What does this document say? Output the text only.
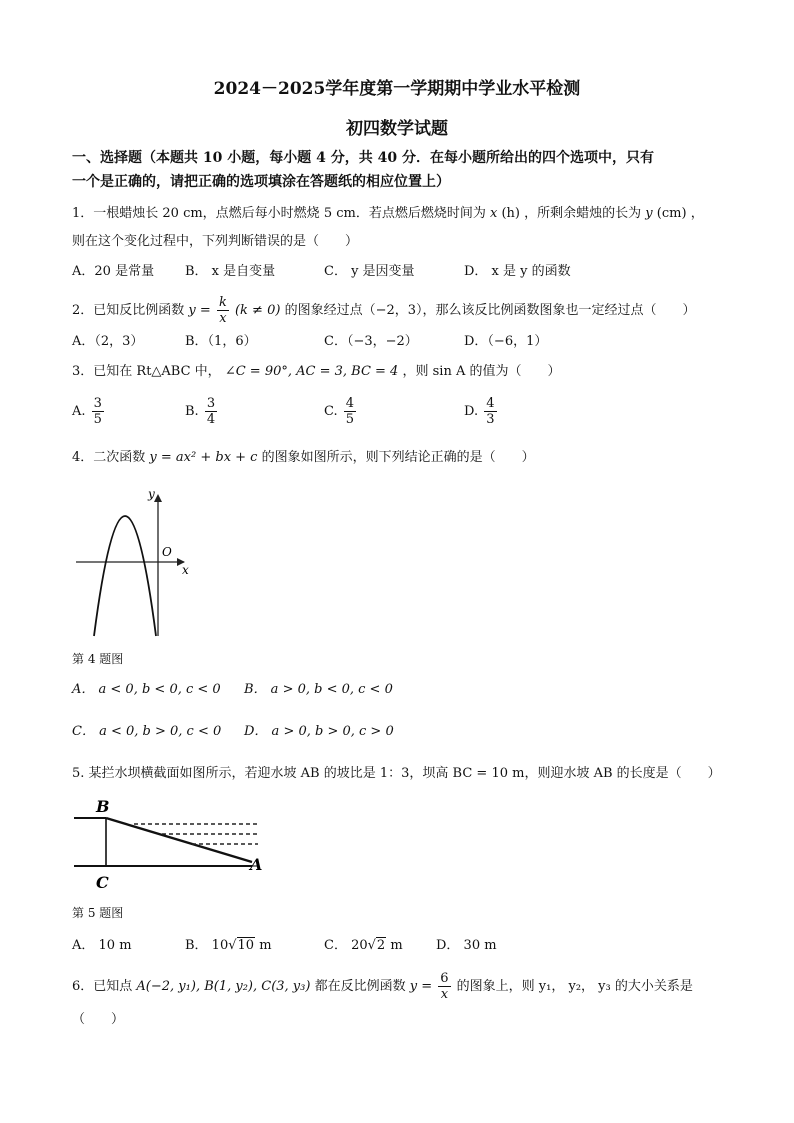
2024－2025学年度第一学期期中学业水平检测
初四数学试题
一、选择题（本题共 10 小题，每小题 4 分，共 40 分．在每小题所给出的四个选项中，只有
一个是正确的，请把正确的选项填涂在答题纸的相应位置上）
1．一根蜡烛长 20 cm，点燃后每小时燃烧 5 cm．若点燃后燃烧时间为 x (h) ，所剩余蜡烛的长为 y (cm) ，
则在这个变化过程中，下列判断错误的是（　　）
A．20 是常量 B． x 是自变量	C． y 是因变量	D． x 是 y 的函数
2．已知反比例函数 $y = \frac{k}{x} (k \ne 0)$ 的图象经过点（−2，3），那么该反比例函数图象也一定经过点（　　）
A．（2，3）	B．（1，6）	C．（−3，−2）	D．（−6，1）
3．已知在 Rt△ABC 中， ∠C = 90°, AC = 3, BC = 4 ，则 sin A 的值为（　　）
A. $\frac{3}{5}$	B. $\frac{3}{4}$	C. $\frac{4}{5}$	D. $\frac{4}{3}$
4．二次函数 y = ax² + bx + c 的图象如图所示，则下列结论正确的是（　　）
y
O
x
第 4 题图
A． a < 0, b < 0, c < 0 B． a > 0, b < 0, c < 0
C． a < 0, b > 0, c < 0 D． a > 0, b > 0, c > 0
5. 某拦水坝横截面如图所示，若迎水坡 AB 的坡比是 1：3，坝高 BC = 10 m，则迎水坡 AB 的长度是（　　）
B
C
A
第 5 题图
A． 10 m	B． 10√10 m	C． 20√2 m	D． 30 m
6．已知点 A(−2, y₁), B(1, y₂), C(3, y₃) 都在反比例函数 $y = \frac{6}{x}$ 的图象上，则 y₁， y₂， y₃ 的大小关系是
（　　）
